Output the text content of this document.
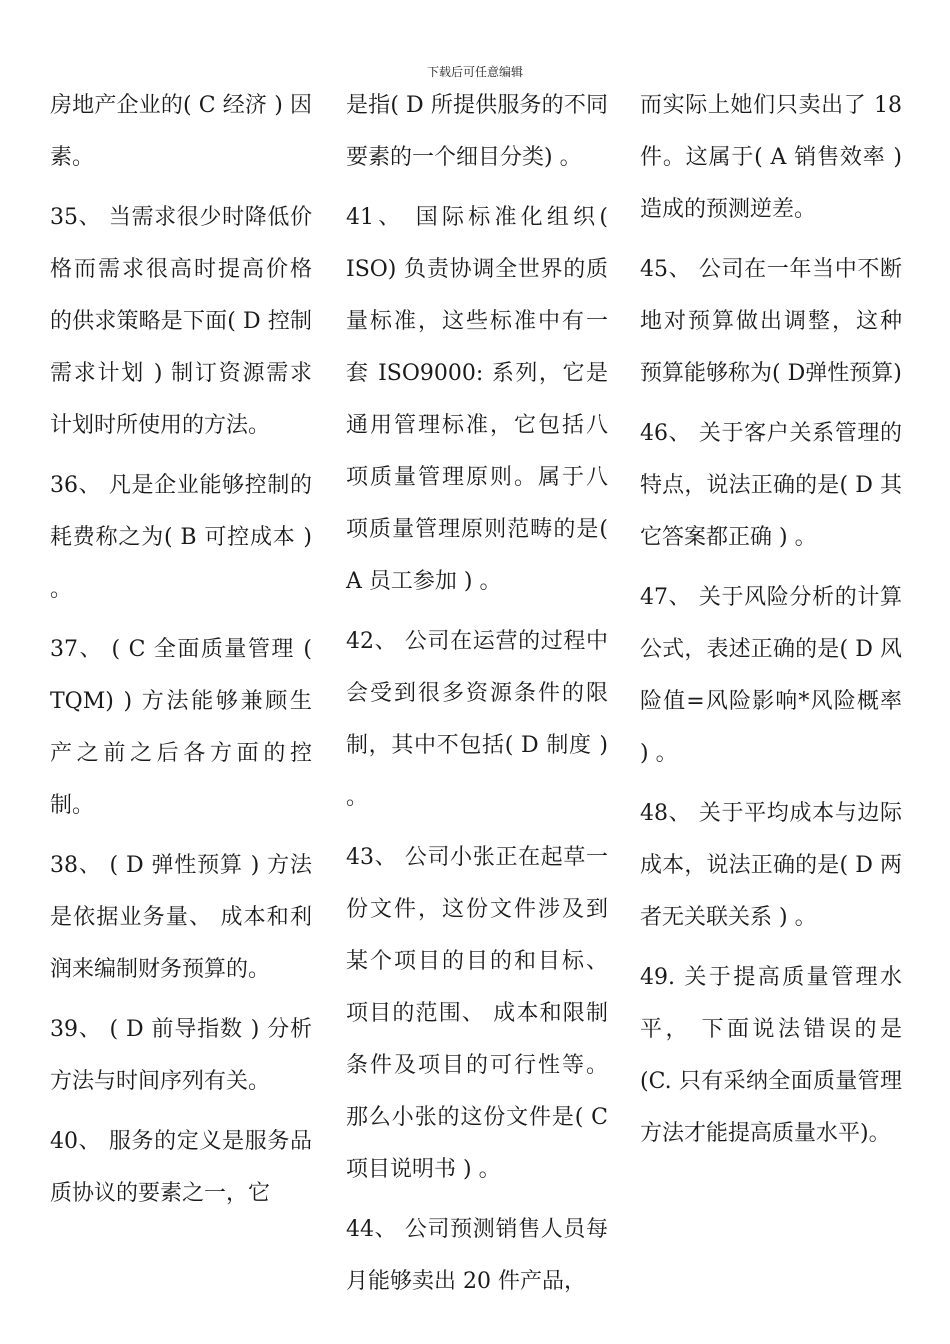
下载后可任意编辑

房地产企业的( C 经济 ) 因素。

35、 当需求很少时降低价格而需求很高时提高价格的供求策略是下面( D 控制需求计划 ) 制订资源需求计划时所使用的方法。

36、 凡是企业能够控制的耗费称之为( B 可控成本 ) 。

37、 ( C 全面质量管理 ( TQM) ) 方法能够兼顾生产之前之后各方面的控制。

38、 ( D 弹性预算 ) 方法是依据业务量、 成本和利润来编制财务预算的。

39、 ( D 前导指数 ) 分析方法与时间序列有关。

40、 服务的定义是服务品质协议的要素之一，它

是指( D 所提供服务的不同要素的一个细目分类) 。

41、 国际标准化组织( ISO) 负责协调全世界的质量标准，这些标准中有一套 ISO9000: 系列，它是通用管理标准，它包括八项质量管理原则。属于八项质量管理原则范畴的是( A 员工参加 ) 。

42、 公司在运营的过程中会受到很多资源条件的限制，其中不包括( D 制度 ) 。

43、 公司小张正在起草一份文件，这份文件涉及到某个项目的目的和目标、项目的范围、 成本和限制条件及项目的可行性等。那么小张的这份文件是( C 项目说明书 ) 。

44、 公司预测销售人员每月能够卖出 20 件产品，

而实际上她们只卖出了 18 件。这属于( A 销售效率 ) 造成的预测逆差。

45、 公司在一年当中不断地对预算做出调整，这种预算能够称为( D弹性预算)

46、 关于客户关系管理的特点，说法正确的是( D 其它答案都正确 ) 。

47、 关于风险分析的计算公式，表述正确的是( D 风险值=风险影响*风险概率 ) 。

48、 关于平均成本与边际成本，说法正确的是( D 两者无关联关系 ) 。

49. 关于提高质量管理水平， 下面说法错误的是 (C. 只有采纳全面质量管理方法才能提高质量水平)。
